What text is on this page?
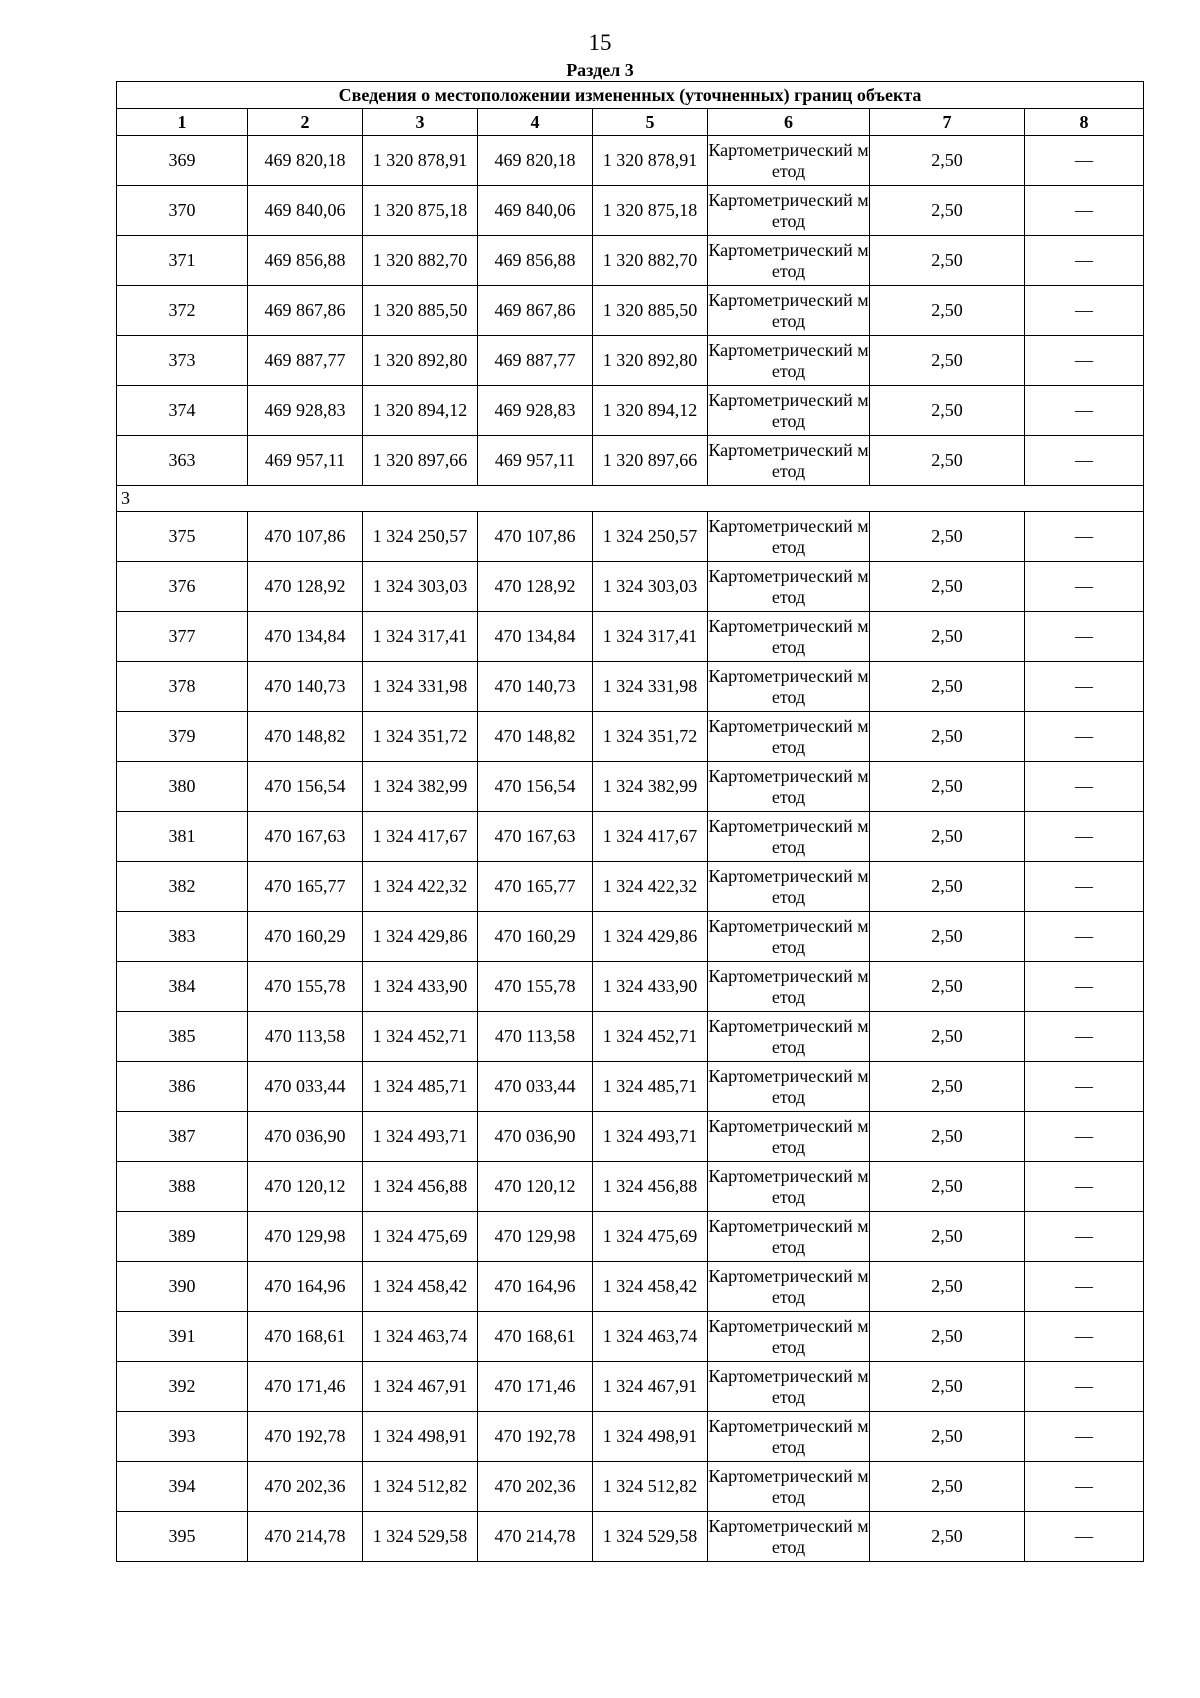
15
Раздел 3
Сведения о местоположении измененных (уточненных) границ объекта							
1	2	3	4	5	6	7	8
369	469 820,18	1 320 878,91	469 820,18	1 320 878,91	Картометрический метод	2,50	—
370	469 840,06	1 320 875,18	469 840,06	1 320 875,18	Картометрический метод	2,50	—
371	469 856,88	1 320 882,70	469 856,88	1 320 882,70	Картометрический метод	2,50	—
372	469 867,86	1 320 885,50	469 867,86	1 320 885,50	Картометрический метод	2,50	—
373	469 887,77	1 320 892,80	469 887,77	1 320 892,80	Картометрический метод	2,50	—
374	469 928,83	1 320 894,12	469 928,83	1 320 894,12	Картометрический метод	2,50	—
363	469 957,11	1 320 897,66	469 957,11	1 320 897,66	Картометрический метод	2,50	—
3							
375	470 107,86	1 324 250,57	470 107,86	1 324 250,57	Картометрический метод	2,50	—
376	470 128,92	1 324 303,03	470 128,92	1 324 303,03	Картометрический метод	2,50	—
377	470 134,84	1 324 317,41	470 134,84	1 324 317,41	Картометрический метод	2,50	—
378	470 140,73	1 324 331,98	470 140,73	1 324 331,98	Картометрический метод	2,50	—
379	470 148,82	1 324 351,72	470 148,82	1 324 351,72	Картометрический метод	2,50	—
380	470 156,54	1 324 382,99	470 156,54	1 324 382,99	Картометрический метод	2,50	—
381	470 167,63	1 324 417,67	470 167,63	1 324 417,67	Картометрический метод	2,50	—
382	470 165,77	1 324 422,32	470 165,77	1 324 422,32	Картометрический метод	2,50	—
383	470 160,29	1 324 429,86	470 160,29	1 324 429,86	Картометрический метод	2,50	—
384	470 155,78	1 324 433,90	470 155,78	1 324 433,90	Картометрический метод	2,50	—
385	470 113,58	1 324 452,71	470 113,58	1 324 452,71	Картометрический метод	2,50	—
386	470 033,44	1 324 485,71	470 033,44	1 324 485,71	Картометрический метод	2,50	—
387	470 036,90	1 324 493,71	470 036,90	1 324 493,71	Картометрический метод	2,50	—
388	470 120,12	1 324 456,88	470 120,12	1 324 456,88	Картометрический метод	2,50	—
389	470 129,98	1 324 475,69	470 129,98	1 324 475,69	Картометрический метод	2,50	—
390	470 164,96	1 324 458,42	470 164,96	1 324 458,42	Картометрический метод	2,50	—
391	470 168,61	1 324 463,74	470 168,61	1 324 463,74	Картометрический метод	2,50	—
392	470 171,46	1 324 467,91	470 171,46	1 324 467,91	Картометрический метод	2,50	—
393	470 192,78	1 324 498,91	470 192,78	1 324 498,91	Картометрический метод	2,50	—
394	470 202,36	1 324 512,82	470 202,36	1 324 512,82	Картометрический метод	2,50	—
395	470 214,78	1 324 529,58	470 214,78	1 324 529,58	Картометрический метод	2,50	—
